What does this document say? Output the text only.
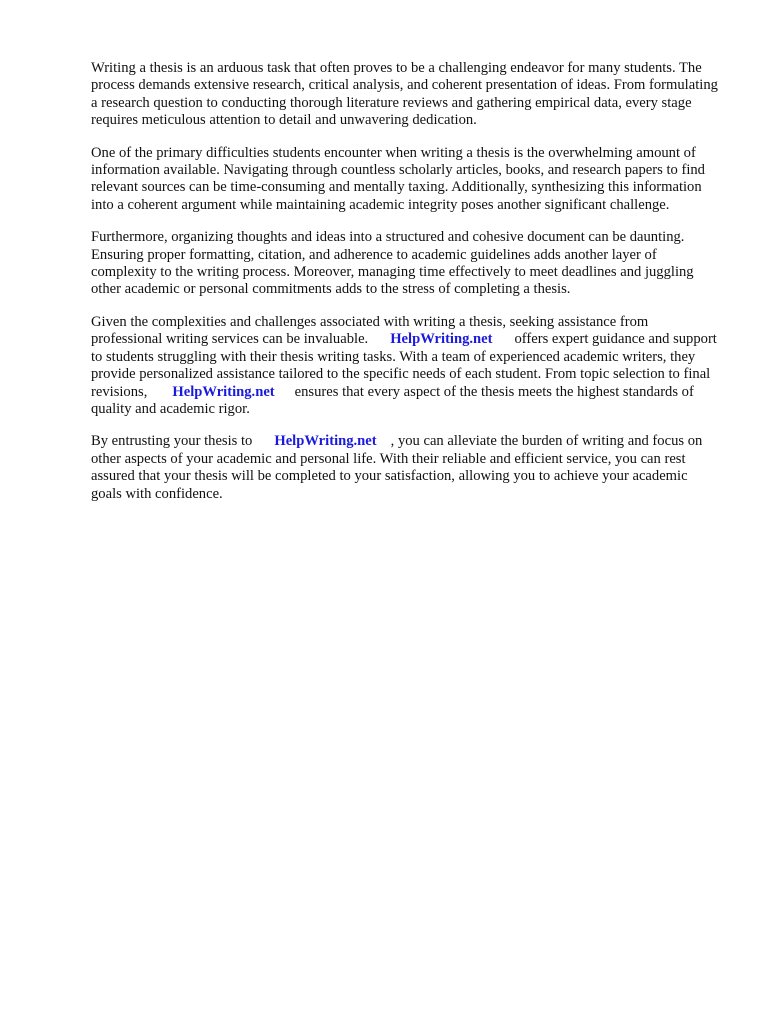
Writing a thesis is an arduous task that often proves to be a challenging endeavor for many students. The process demands extensive research, critical analysis, and coherent presentation of ideas. From formulating a research question to conducting thorough literature reviews and gathering empirical data, every stage requires meticulous attention to detail and unwavering dedication.

One of the primary difficulties students encounter when writing a thesis is the overwhelming amount of information available. Navigating through countless scholarly articles, books, and research papers to find relevant sources can be time-consuming and mentally taxing. Additionally, synthesizing this information into a coherent argument while maintaining academic integrity poses another significant challenge.

Furthermore, organizing thoughts and ideas into a structured and cohesive document can be daunting. Ensuring proper formatting, citation, and adherence to academic guidelines adds another layer of complexity to the writing process. Moreover, managing time effectively to meet deadlines and juggling other academic or personal commitments adds to the stress of completing a thesis.

Given the complexities and challenges associated with writing a thesis, seeking assistance from professional writing services can be invaluable. HelpWriting.net offers expert guidance and support to students struggling with their thesis writing tasks. With a team of experienced academic writers, they provide personalized assistance tailored to the specific needs of each student. From topic selection to final revisions, HelpWriting.net ensures that every aspect of the thesis meets the highest standards of quality and academic rigor.

By entrusting your thesis to HelpWriting.net , you can alleviate the burden of writing and focus on other aspects of your academic and personal life. With their reliable and efficient service, you can rest assured that your thesis will be completed to your satisfaction, allowing you to achieve your academic goals with confidence.
